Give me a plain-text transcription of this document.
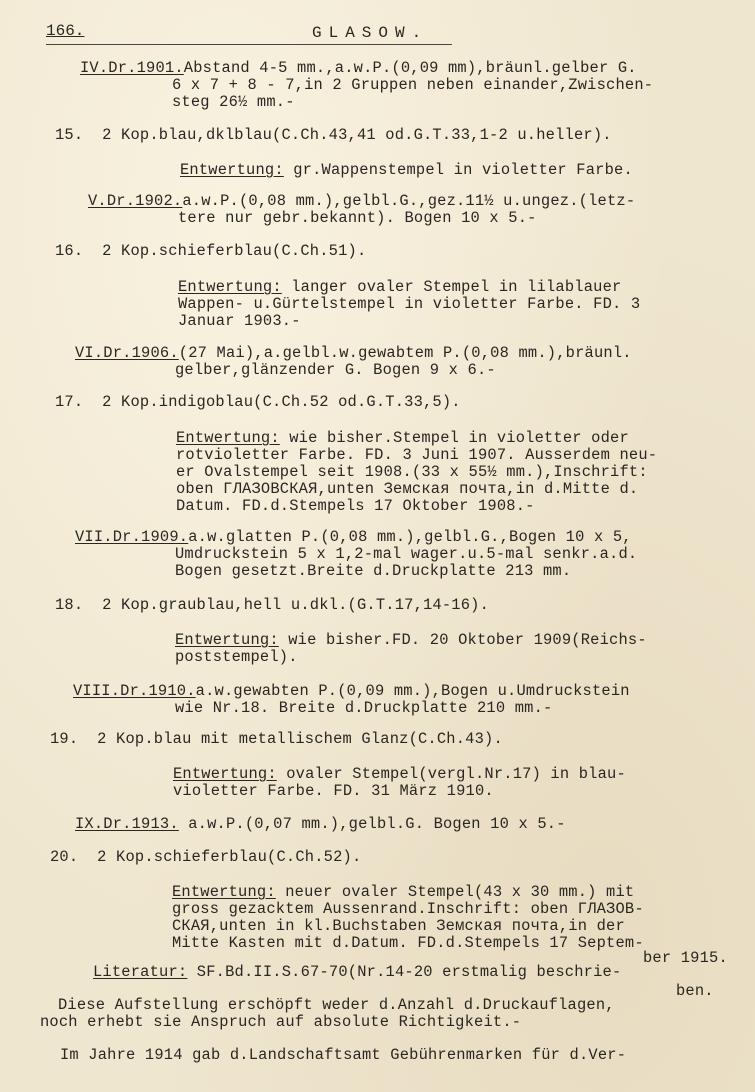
166.	GLASOW.
IV.Dr.1901.Abstand 4-5 mm.,a.w.P.(0,09 mm),bräunl.gelber G.
6 x 7 + 8 - 7,in 2 Gruppen neben einander,Zwischen-
steg 26½ mm.-
15.  2 Kop.blau,dklblau(C.Ch.43,41 od.G.T.33,1-2 u.heller).
Entwertung: gr.Wappenstempel in violetter Farbe.
V.Dr.1902.a.w.P.(0,08 mm.),gelbl.G.,gez.11½ u.ungez.(letz-
tere nur gebr.bekannt). Bogen 10 x 5.-
16.  2 Kop.schieferblau(C.Ch.51).
Entwertung: langer ovaler Stempel in lilablauer
Wappen- u.Gürtelstempel in violetter Farbe. FD. 3
Januar 1903.-
VI.Dr.1906.(27 Mai),a.gelbl.w.gewabtem P.(0,08 mm.),bräunl.
gelber,glänzender G. Bogen 9 x 6.-
17.  2 Kop.indigoblau(C.Ch.52 od.G.T.33,5).
Entwertung: wie bisher.Stempel in violetter oder
rotvioletter Farbe. FD. 3 Juni 1907. Ausserdem neu-
er Ovalstempel seit 1908.(33 x 55½ mm.),Inschrift:
oben ГЛАЗОВСКАЯ,unten Земская почта,in d.Mitte d.
Datum. FD.d.Stempels 17 Oktober 1908.-
VII.Dr.1909.a.w.glatten P.(0,08 mm.),gelbl.G.,Bogen 10 x 5,
Umdruckstein 5 x 1,2-mal wager.u.5-mal senkr.a.d.
Bogen gesetzt.Breite d.Druckplatte 213 mm.
18.  2 Kop.graublau,hell u.dkl.(G.T.17,14-16).
Entwertung: wie bisher.FD. 20 Oktober 1909(Reichs-
poststempel).
VIII.Dr.1910.a.w.gewabten P.(0,09 mm.),Bogen u.Umdruckstein
wie Nr.18. Breite d.Druckplatte 210 mm.-
19.  2 Kop.blau mit metallischem Glanz(C.Ch.43).
Entwertung: ovaler Stempel(vergl.Nr.17) in blau-
violetter Farbe. FD. 31 März 1910.
IX.Dr.1913. a.w.P.(0,07 mm.),gelbl.G. Bogen 10 x 5.-
20.  2 Kop.schieferblau(C.Ch.52).
Entwertung: neuer ovaler Stempel(43 x 30 mm.) mit
gross gezacktem Aussenrand.Inschrift: oben ГЛАЗОВ-
СКАЯ,unten in kl.Buchstaben Земская почта,in der
Mitte Kasten mit d.Datum. FD.d.Stempels 17 Septem-
ber 1915.
Literatur: SF.Bd.II.S.67-70(Nr.14-20 erstmalig beschrie-
ben.
Diese Aufstellung erschöpft weder d.Anzahl d.Druckauflagen,
noch erhebt sie Anspruch auf absolute Richtigkeit.-
Im Jahre 1914 gab d.Landschaftsamt Gebührenmarken für d.Ver-
